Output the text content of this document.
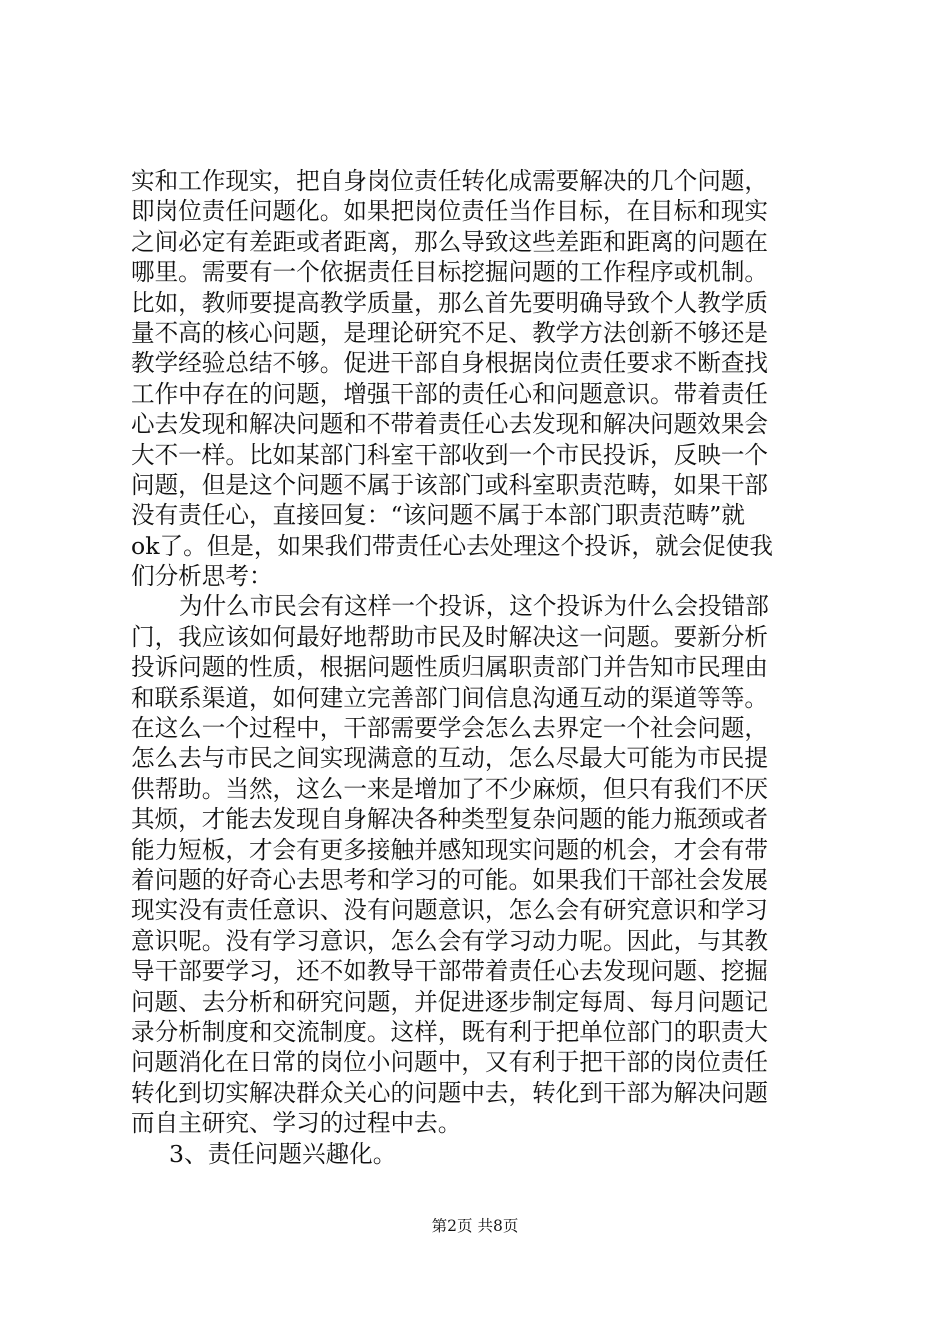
实和工作现实，把自身岗位责任转化成需要解决的几个问题，
即岗位责任问题化。如果把岗位责任当作目标，在目标和现实
之间必定有差距或者距离，那么导致这些差距和距离的问题在
哪里。需要有一个依据责任目标挖掘问题的工作程序或机制。
比如，教师要提高教学质量，那么首先要明确导致个人教学质
量不高的核心问题，是理论研究不足、教学方法创新不够还是
教学经验总结不够。促进干部自身根据岗位责任要求不断查找
工作中存在的问题，增强干部的责任心和问题意识。带着责任
心去发现和解决问题和不带着责任心去发现和解决问题效果会
大不一样。比如某部门科室干部收到一个市民投诉，反映一个
问题，但是这个问题不属于该部门或科室职责范畴，如果干部
没有责任心，直接回复：“该问题不属于本部门职责范畴”就
ok了。但是，如果我们带责任心去处理这个投诉，就会促使我
们分析思考：
为什么市民会有这样一个投诉，这个投诉为什么会投错部
门，我应该如何最好地帮助市民及时解决这一问题。要新分析
投诉问题的性质，根据问题性质归属职责部门并告知市民理由
和联系渠道，如何建立完善部门间信息沟通互动的渠道等等。
在这么一个过程中，干部需要学会怎么去界定一个社会问题，
怎么去与市民之间实现满意的互动，怎么尽最大可能为市民提
供帮助。当然，这么一来是增加了不少麻烦，但只有我们不厌
其烦，才能去发现自身解决各种类型复杂问题的能力瓶颈或者
能力短板，才会有更多接触并感知现实问题的机会，才会有带
着问题的好奇心去思考和学习的可能。如果我们干部社会发展
现实没有责任意识、没有问题意识，怎么会有研究意识和学习
意识呢。没有学习意识，怎么会有学习动力呢。因此，与其教
导干部要学习，还不如教导干部带着责任心去发现问题、挖掘
问题、去分析和研究问题，并促进逐步制定每周、每月问题记
录分析制度和交流制度。这样，既有利于把单位部门的职责大
问题消化在日常的岗位小问题中，又有利于把干部的岗位责任
转化到切实解决群众关心的问题中去，转化到干部为解决问题
而自主研究、学习的过程中去。
3、责任问题兴趣化。
第2页 共8页
